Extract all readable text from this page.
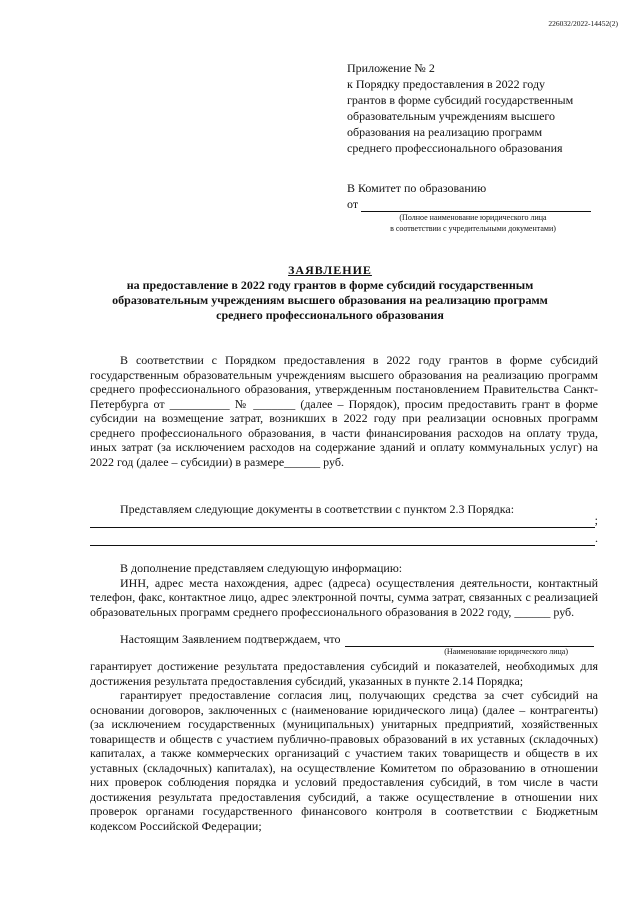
226032/2022-14452(2)
Приложение № 2
к Порядку предоставления в 2022 году
грантов в форме субсидий государственным
образовательным учреждениям высшего
образования на реализацию программ
среднего профессионального образования
В Комитет по образованию
от
(Полное наименование юридического лица
в соответствии с учредительными документами)
ЗАЯВЛЕНИЕ
на предоставление в 2022 году грантов в форме субсидий государственным
образовательным учреждениям высшего образования на реализацию программ
среднего профессионального образования

В соответствии с Порядком предоставления в 2022 году грантов в форме субсидий государственным образовательным учреждениям высшего образования на реализацию программ среднего профессионального образования, утвержденным постановлением Правительства Санкт-Петербурга от __________ № _______ (далее – Порядок), просим предоставить грант в форме субсидии на возмещение затрат, возникших в 2022 году при реализации основных программ среднего профессионального образования, в части финансирования расходов на оплату труда, иных затрат (за исключением расходов на содержание зданий и оплату коммунальных услуг) на 2022 год (далее – субсидии) в размере______ руб.

Представляем следующие документы в соответствии с пунктом 2.3 Порядка:

;
.

В дополнение представляем следующую информацию:

ИНН, адрес места нахождения, адрес (адреса) осуществления деятельности, контактный телефон, факс, контактное лицо, адрес электронной почты, сумма затрат, связанных с реализацией образовательных программ среднего профессионального образования в 2022 году, ______ руб.

Настоящим Заявлением подтверждаем, что
(Наименование юридического лица)

гарантирует достижение результата предоставления субсидий и показателей, необходимых для достижения результата предоставления субсидий, указанных в пункте 2.14 Порядка;

гарантирует предоставление согласия лиц, получающих средства за счет субсидий на основании договоров, заключенных с (наименование юридического лица) (далее – контрагенты) (за исключением государственных (муниципальных) унитарных предприятий, хозяйственных товариществ и обществ с участием публично-правовых образований в их уставных (складочных) капиталах, а также коммерческих организаций с участием таких товариществ и обществ в их уставных (складочных) капиталах), на осуществление Комитетом по образованию в отношении них проверок соблюдения порядка и условий предоставления субсидий, в том числе в части достижения результата предоставления субсидий, а также осуществление в отношении них проверок органами государственного финансового контроля в соответствии с Бюджетным кодексом Российской Федерации;
